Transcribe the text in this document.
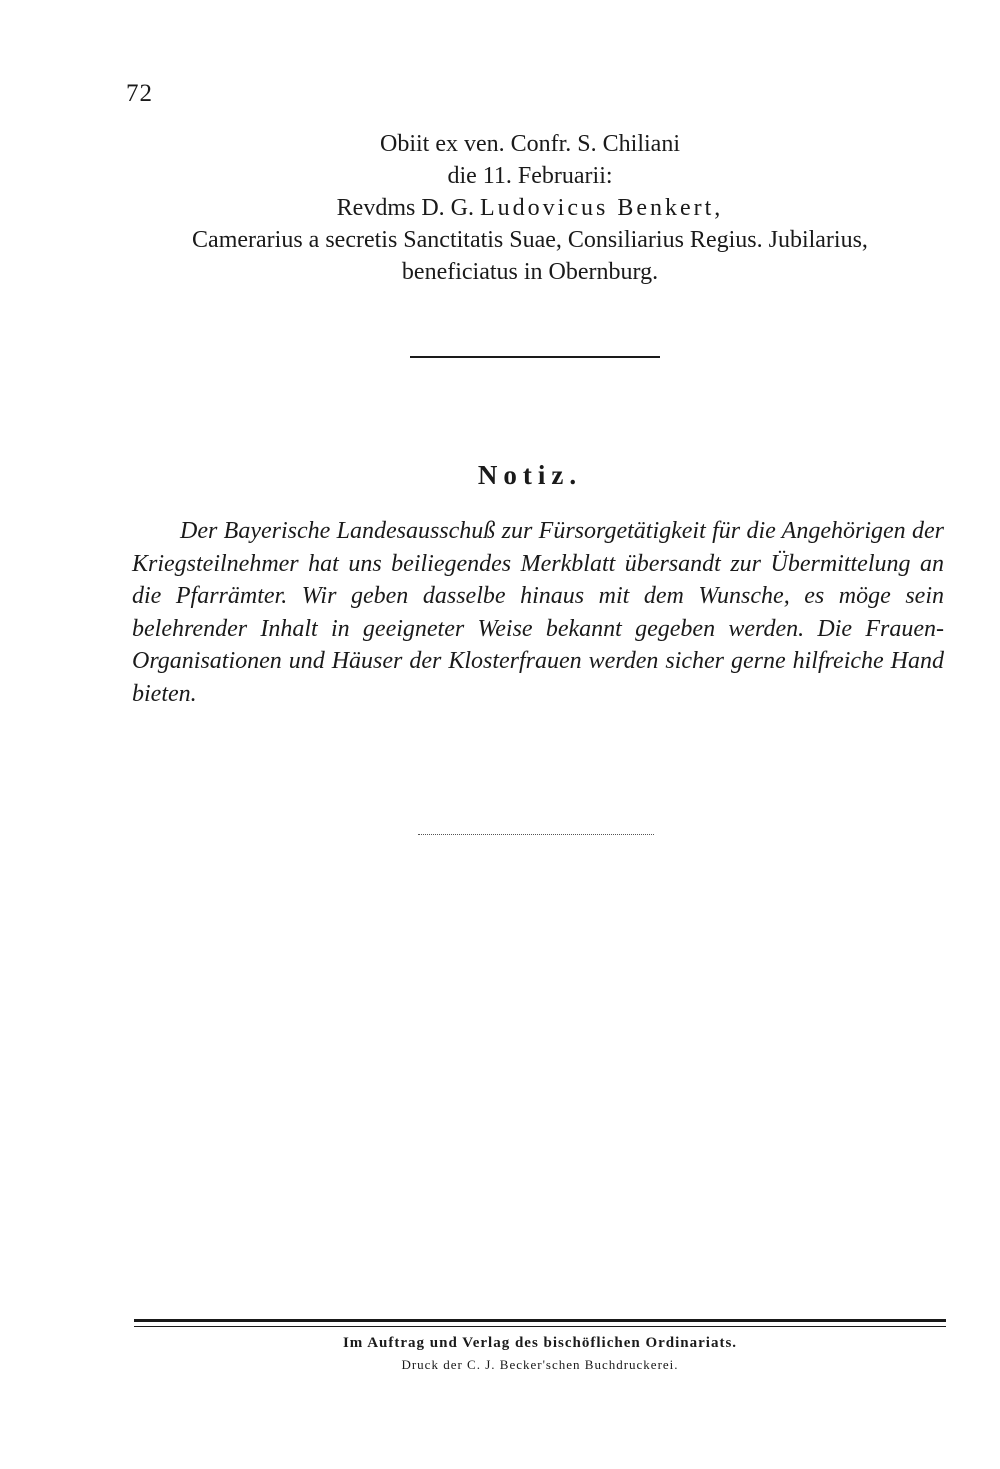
72
Obiit ex ven. Confr. S. Chiliani
die 11. Februarii:
Revdms D. G. Ludovicus Benkert,
Camerarius a secretis Sanctitatis Suae, Consiliarius Regius. Jubilarius,
beneficiatus in Obernburg.
Notiz.
Der Bayerische Landesausschuß zur Fürsorgetätigkeit für die Angehörigen der Kriegsteilnehmer hat uns beiliegendes Merkblatt übersandt zur Übermittelung an die Pfarrämter. Wir geben dasselbe hinaus mit dem Wunsche, es möge sein belehrender Inhalt in geeigneter Weise bekannt gegeben werden. Die Frauen-Organisationen und Häuser der Klosterfrauen werden sicher gerne hilfreiche Hand bieten.
Im Auftrag und Verlag des bischöflichen Ordinariats.
Druck der C. J. Becker'schen Buchdruckerei.
